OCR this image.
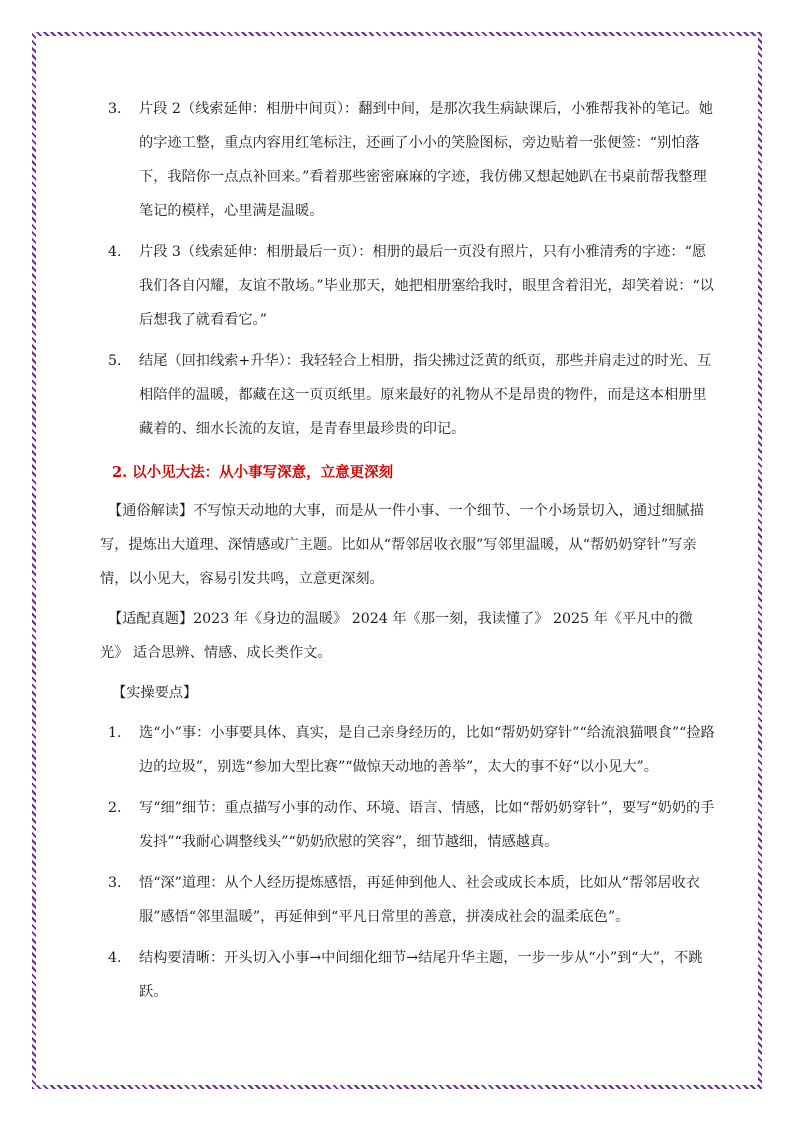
3. 片段 2（线索延伸：相册中间页）：翻到中间，是那次我生病缺课后，小雅帮我补的笔记。她的字迹工整，重点内容用红笔标注，还画了小小的笑脸图标，旁边贴着一张便签：“别怕落下，我陪你一点点补回来。”看着那些密密麻麻的字迹，我仿佛又想起她趴在书桌前帮我整理笔记的模样，心里满是温暖。
4. 片段 3（线索延伸：相册最后一页）：相册的最后一页没有照片，只有小雅清秀的字迹：“愿我们各自闪耀，友谊不散场。”毕业那天，她把相册塞给我时，眼里含着泪光，却笑着说：“以后想我了就看看它。”
5. 结尾（回扣线索+升华）：我轻轻合上相册，指尖拂过泛黄的纸页，那些并肩走过的时光、互相陪伴的温暖，都藏在这一页页纸里。原来最好的礼物从不是昂贵的物件，而是这本相册里藏着的、细水长流的友谊，是青春里最珍贵的印记。
2. 以小见大法：从小事写深意，立意更深刻
【通俗解读】不写惊天动地的大事，而是从一件小事、一个细节、一个小场景切入，通过细腻描写，提炼出大道理、深情感或广主题。比如从“帮邻居收衣服”写邻里温暖，从“帮奶奶穿针”写亲情，以小见大，容易引发共鸣，立意更深刻。
【适配真题】2023 年《身边的温暖》 2024 年《那一刻，我读懂了》 2025 年《平凡中的微光》 适合思辨、情感、成长类作文。
【实操要点】
1. 选“小”事：小事要具体、真实，是自己亲身经历的，比如“帮奶奶穿针”“给流浪猫喂食”“捡路边的垃圾”，别选“参加大型比赛”“做惊天动地的善举”，太大的事不好“以小见大”。
2. 写“细”细节：重点描写小事的动作、环境、语言、情感，比如“帮奶奶穿针”，要写“奶奶的手发抖”“我耐心调整线头”“奶奶欣慰的笑容”，细节越细，情感越真。
3. 悟“深”道理：从个人经历提炼感悟，再延伸到他人、社会或成长本质，比如从“帮邻居收衣服”感悟“邻里温暖”，再延伸到“平凡日常里的善意，拼凑成社会的温柔底色”。
4. 结构要清晰：开头切入小事→中间细化细节→结尾升华主题，一步一步从“小”到“大”，不跳跃。
